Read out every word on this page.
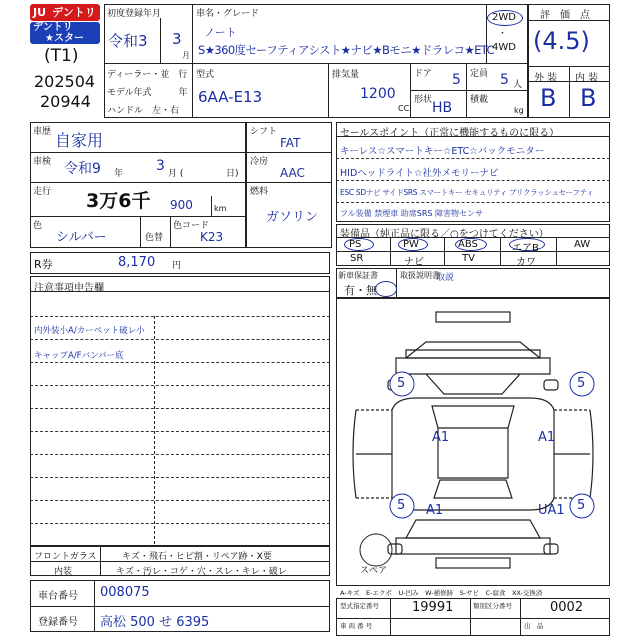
JU デントリ
デントリ
★スター
(T1)
202504
20944
初度登録年月
令和3 3
月
車名・グレード
ノート
S★360度セーフティアシスト★ナビ★Bモニ★ドラレコ★ETC
2WD
・
4WD
ディーラー・並　行
モデル年式　　　年
ハンドル　左・右
型式
6AA-E13
排気量
1200
CC
ドア 5
形状 HB
定員 5 人
積載
kg
評　価　点
(4.5)
外 装 内 装
B B
車歴 自家用
車検 令和9 年 3 月 (	日)
走行 3万6千 900	km
色
シルバー	色替
色コード
K23
シフト
FAT
冷房
AAC
燃料
ガソリン
セールスポイント（正常に機能するものに限る）
キーレス☆スマートキー☆ETC☆バックモニター
HIDヘッドライト☆社外メモリーナビ
ESC SDナビ サイドSRS スマートキー セキュリティ ブリクラッシュセーフティ
フル装備 禁煙車 助席SRS 障害物センサ
装備品（純正品に限る／○をつけてください）
PS	PW	ABS	エアB	AW
SR	ナビ	TV	カワ
R券	8,170 円
新車保証書
有・無
取扱説明書
取説
注意事項申告欄
内外装小A/カーペット破レ小
キャップA/Fバンパー底
5	5
A1	A1
5	5
A1	UA1
スペア
フロントガラス	キズ・飛石・ヒビ割・リペア跡・X要
内装	キズ・汚レ・コゲ・穴・スレ・キレ・破レ
A-キズ　E-エクボ　U-凹み　W-補修跡　S-サビ　C-腐食　XX-交換済
車台番号 008075
登録番号 高松 500 せ 6395
型式指定番号	19991	類別区分番号	0002
車 両 番 号	出　品
